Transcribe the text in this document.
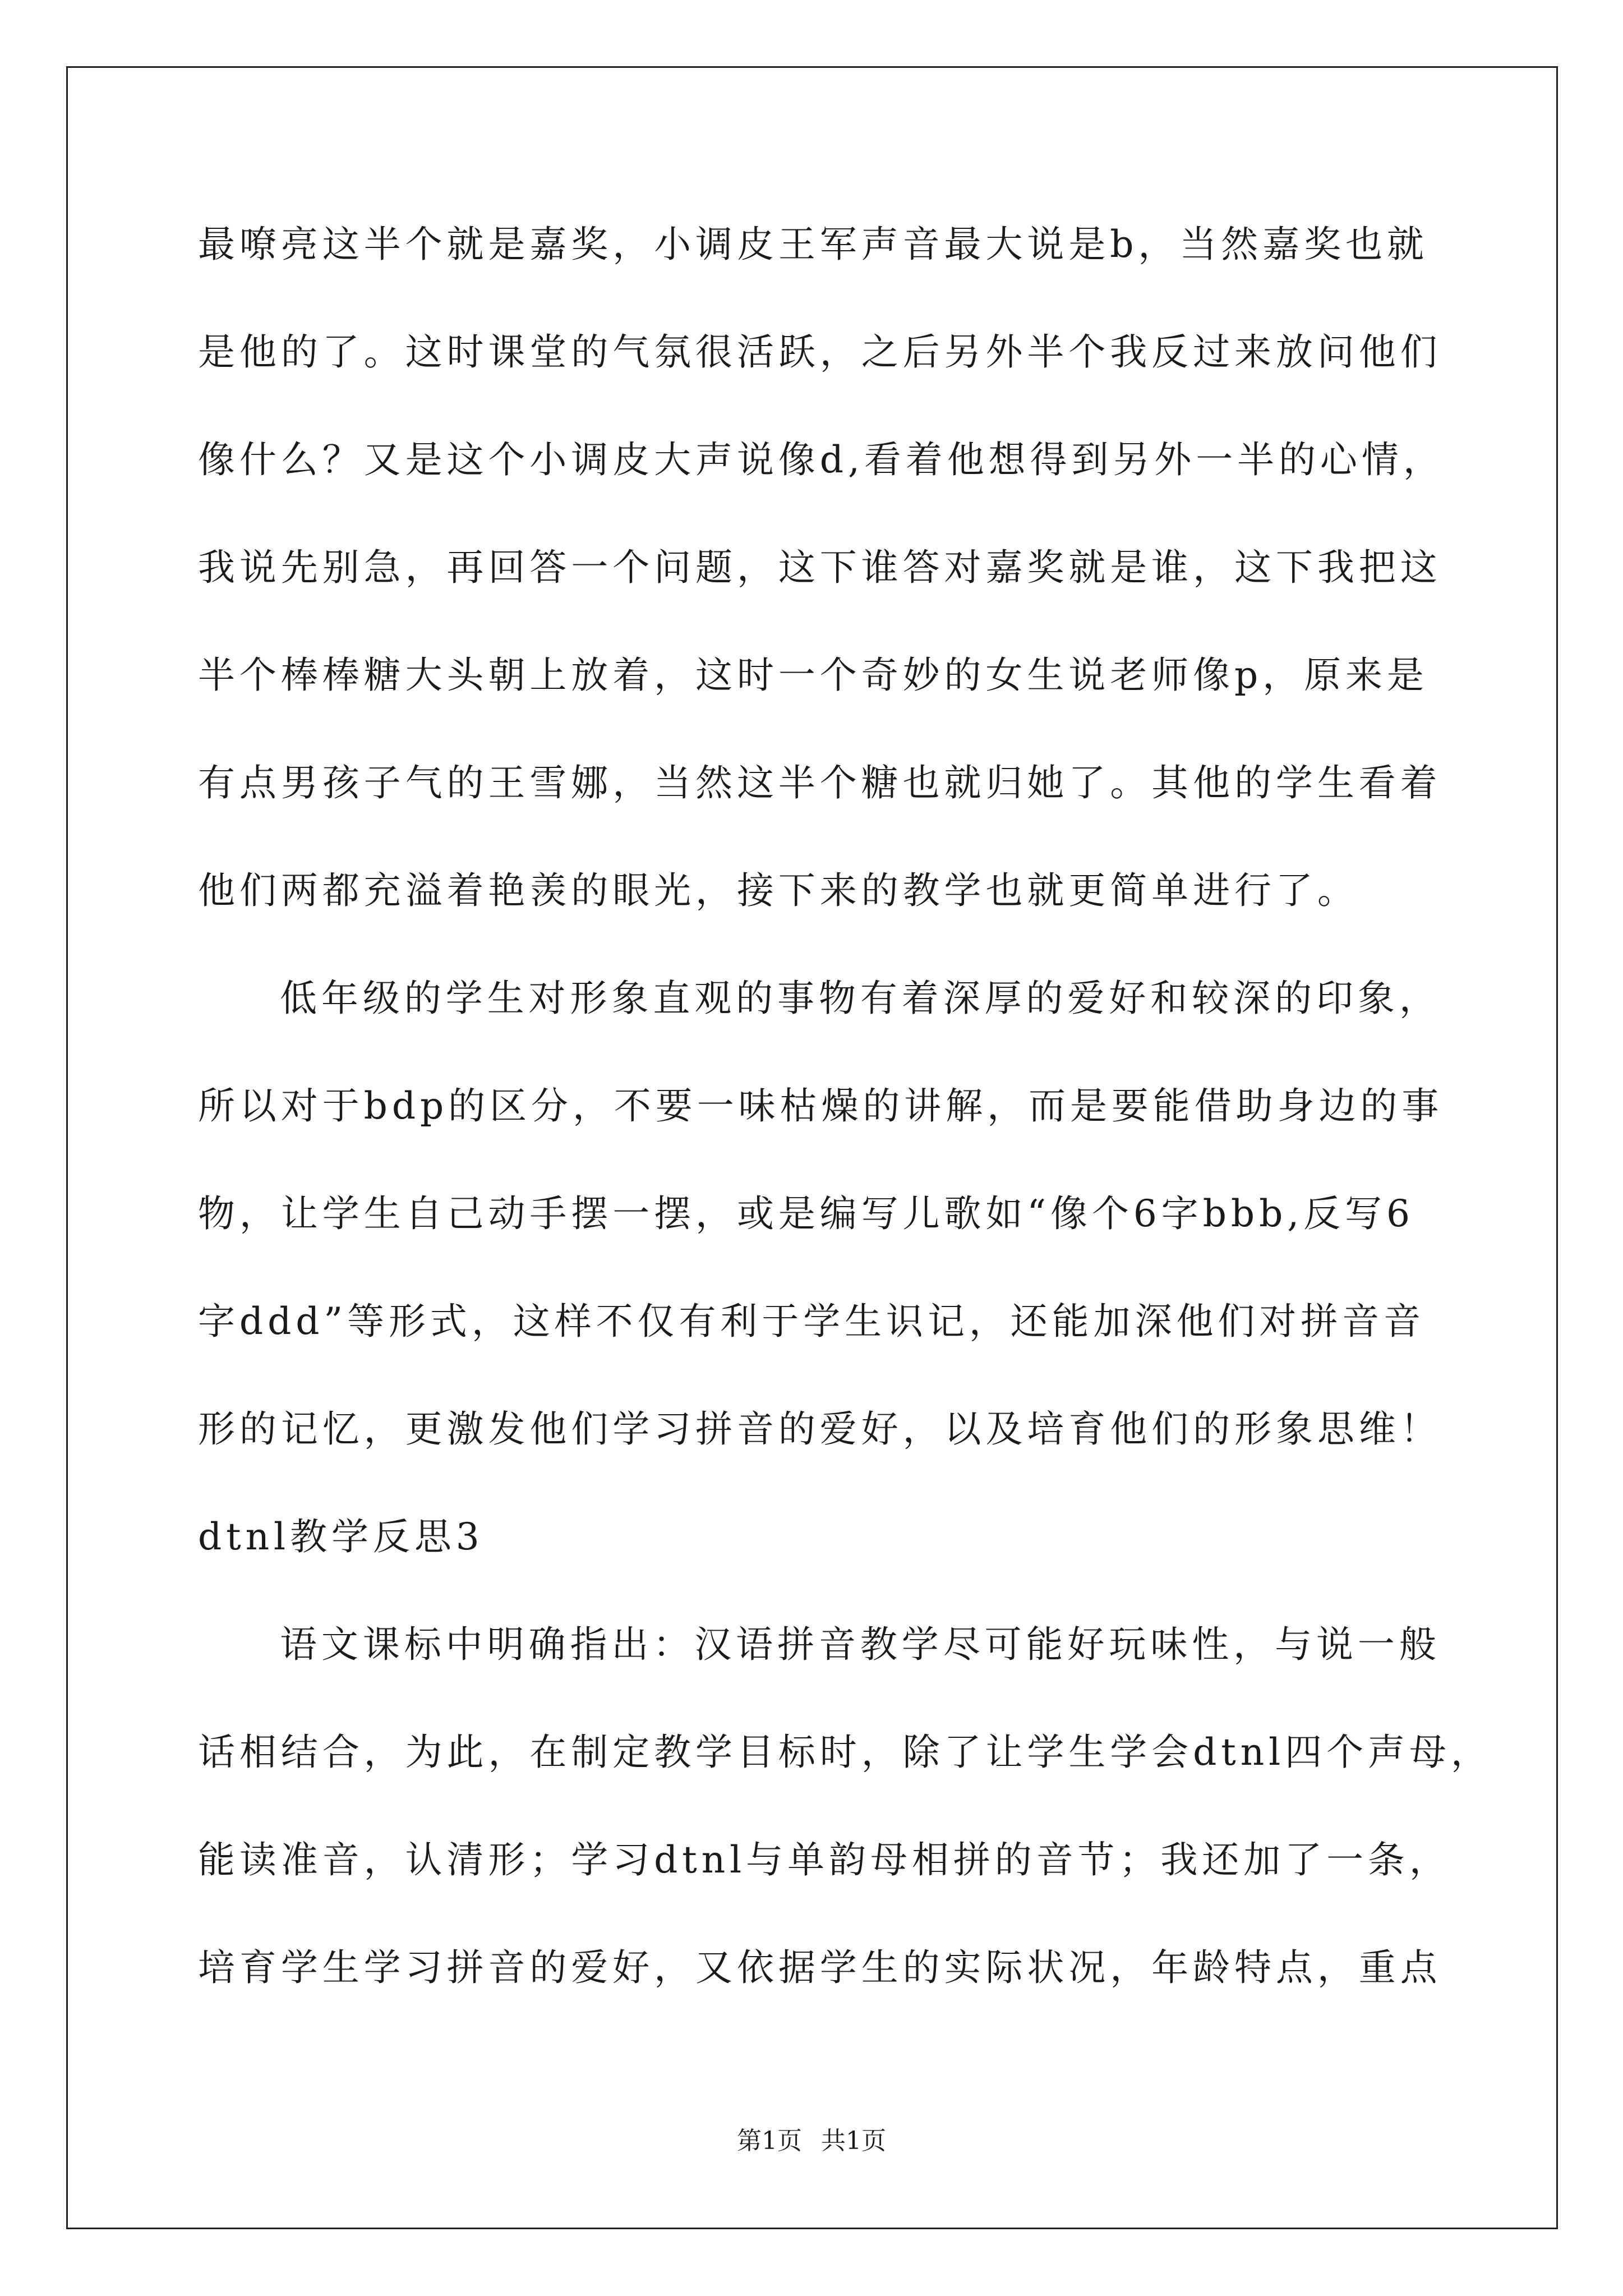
最嘹亮这半个就是嘉奖，小调皮王军声音最大说是b，当然嘉奖也就
是他的了。这时课堂的气氛很活跃，之后另外半个我反过来放问他们
像什么？又是这个小调皮大声说像d,看着他想得到另外一半的心情，
我说先别急，再回答一个问题，这下谁答对嘉奖就是谁，这下我把这
半个棒棒糖大头朝上放着，这时一个奇妙的女生说老师像p，原来是
有点男孩子气的王雪娜，当然这半个糖也就归她了。其他的学生看着
他们两都充溢着艳羡的眼光，接下来的教学也就更简单进行了。
低年级的学生对形象直观的事物有着深厚的爱好和较深的印象，
所以对于bdp的区分，不要一味枯燥的讲解，而是要能借助身边的事
物，让学生自己动手摆一摆，或是编写儿歌如“像个6字bbb,反写6
字ddd”等形式，这样不仅有利于学生识记，还能加深他们对拼音音
形的记忆，更激发他们学习拼音的爱好，以及培育他们的形象思维！
dtnl教学反思3
语文课标中明确指出：汉语拼音教学尽可能好玩味性，与说一般
话相结合，为此，在制定教学目标时，除了让学生学会dtnl四个声母，
能读准音，认清形；学习dtnl与单韵母相拼的音节；我还加了一条，
培育学生学习拼音的爱好，又依据学生的实际状况，年龄特点，重点
第1页 共1页
